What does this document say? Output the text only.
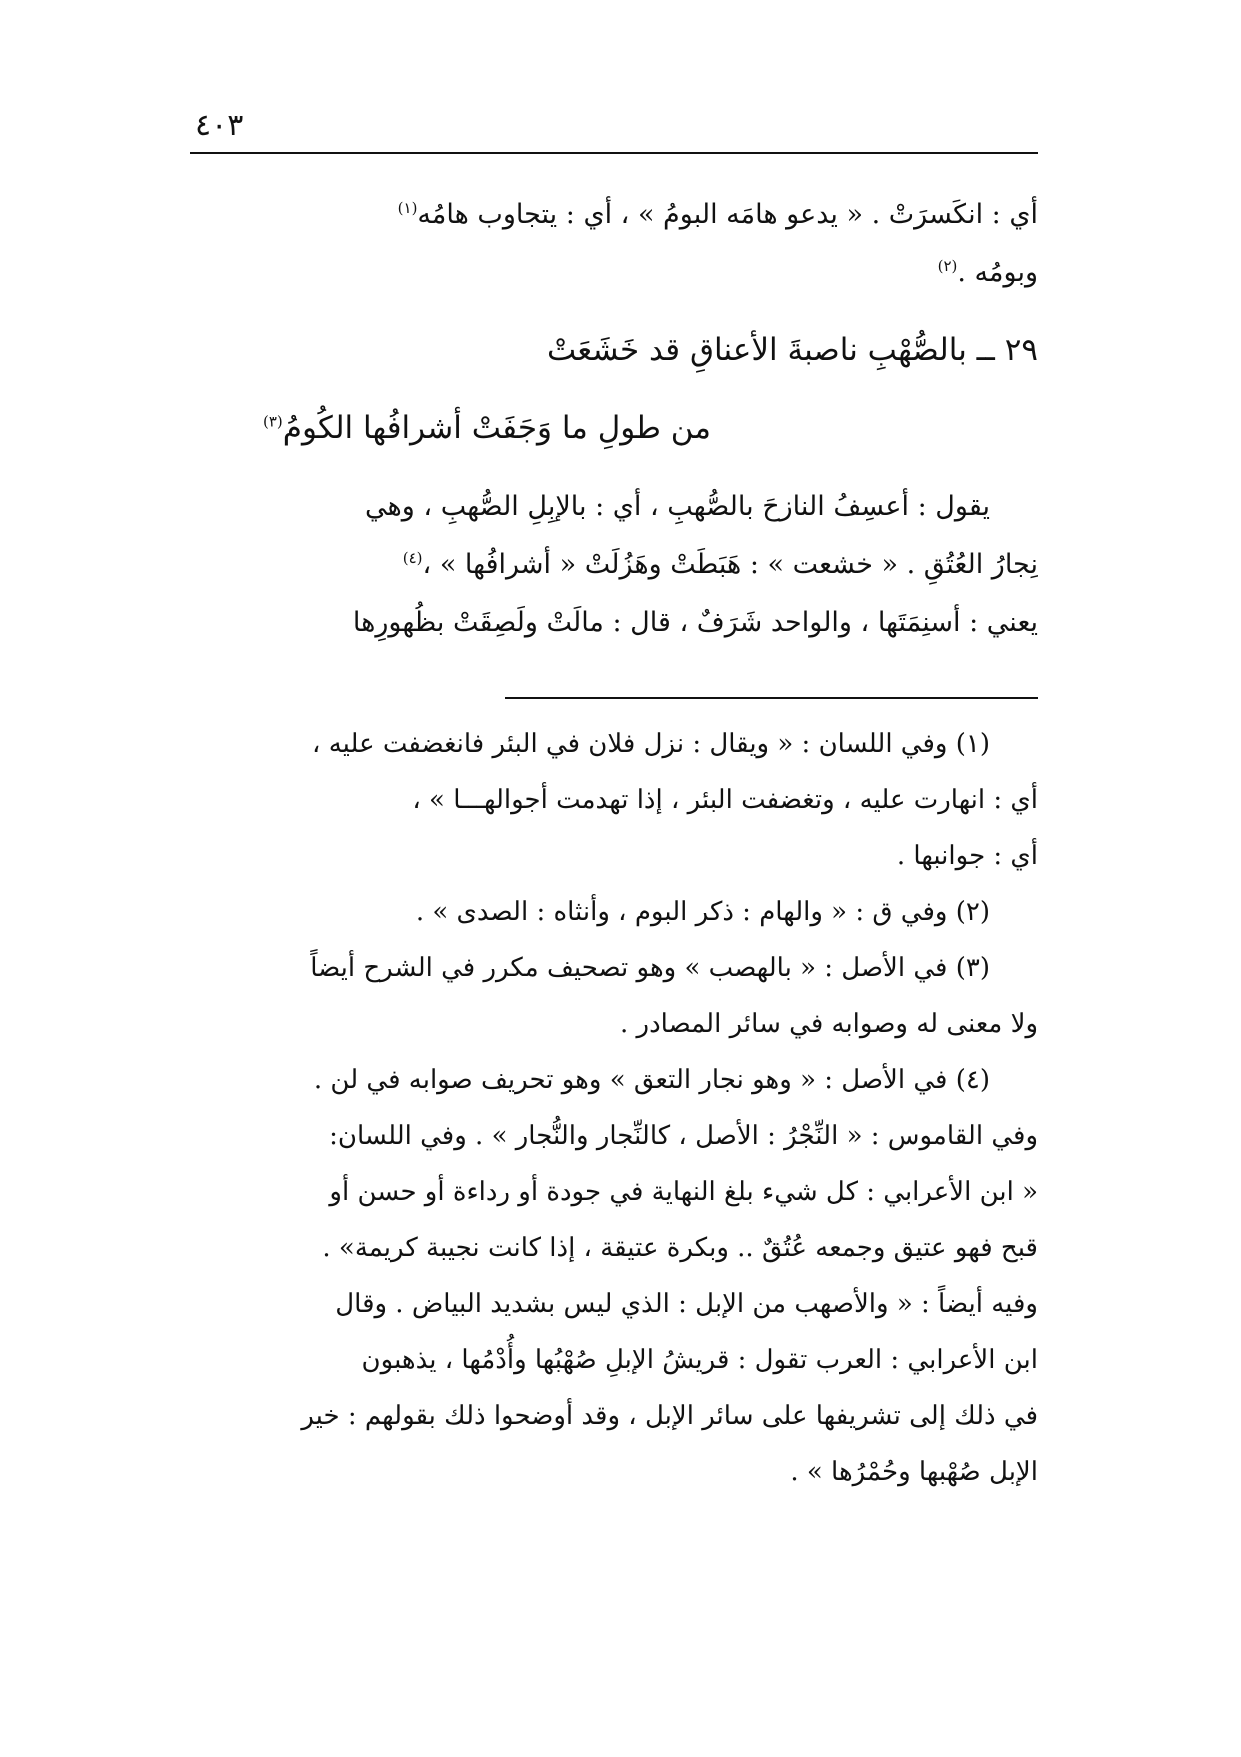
٤٠٣
أي : انكَسرَتْ . « يدعو هامَه البومُ » ، أي : يتجاوب هامُه$^{(١)}$
وبومُه .$^{(٢)}$
٢٩ ــ بالصُّهْبِ ناصبةَ الأعناقِ قد خَشَعَتْ
من طولِ ما وَجَفَتْ أشرافُها الكُومُ$^{(٣)}$
يقول : أعسِفُ النازحَ بالصُّهبِ ، أي : بالإبِلِ الصُّهبِ ، وهي
نِجارُ العُتُقِ . « خشعت » : هَبَطَتْ وهَزُلَتْ « أشرافُها » ،$^{(٤)}$
يعني : أسنِمَتَها ، والواحد شَرَفٌ ، قال : مالَتْ ولَصِقَتْ بظُهورِها
(١) وفي اللسان : « ويقال : نزل فلان في البئر فانغضفت عليه ،
أي : انهارت عليه ، وتغضفت البئر ، إذا تهدمت أجوالهـــا » ،
أي : جوانبها .
(٢) وفي ق : « والهام : ذكر البوم ، وأنثاه : الصدى » .
(٣) في الأصل : « بالهصب » وهو تصحيف مكرر في الشرح أيضاً
ولا معنى له وصوابه في سائر المصادر .
(٤) في الأصل : « وهو نجار التعق » وهو تحريف صوابه في لن .
وفي القاموس : « النِّجْرُ : الأصل ، كالنِّجار والنُّجار » . وفي اللسان:
« ابن الأعرابي : كل شيء بلغ النهاية في جودة أو رداءة أو حسن أو
قبح فهو عتيق وجمعه عُتُقٌ .. وبكرة عتيقة ، إذا كانت نجيبة كريمة» .
وفيه أيضاً : « والأصهب من الإبل : الذي ليس بشديد البياض . وقال
ابن الأعرابي : العرب تقول : قريشُ الإبلِ صُهْبُها وأُدْمُها ، يذهبون
في ذلك إلى تشريفها على سائر الإبل ، وقد أوضحوا ذلك بقولهم : خير
الإبل صُهْبها وحُمْرُها » .
